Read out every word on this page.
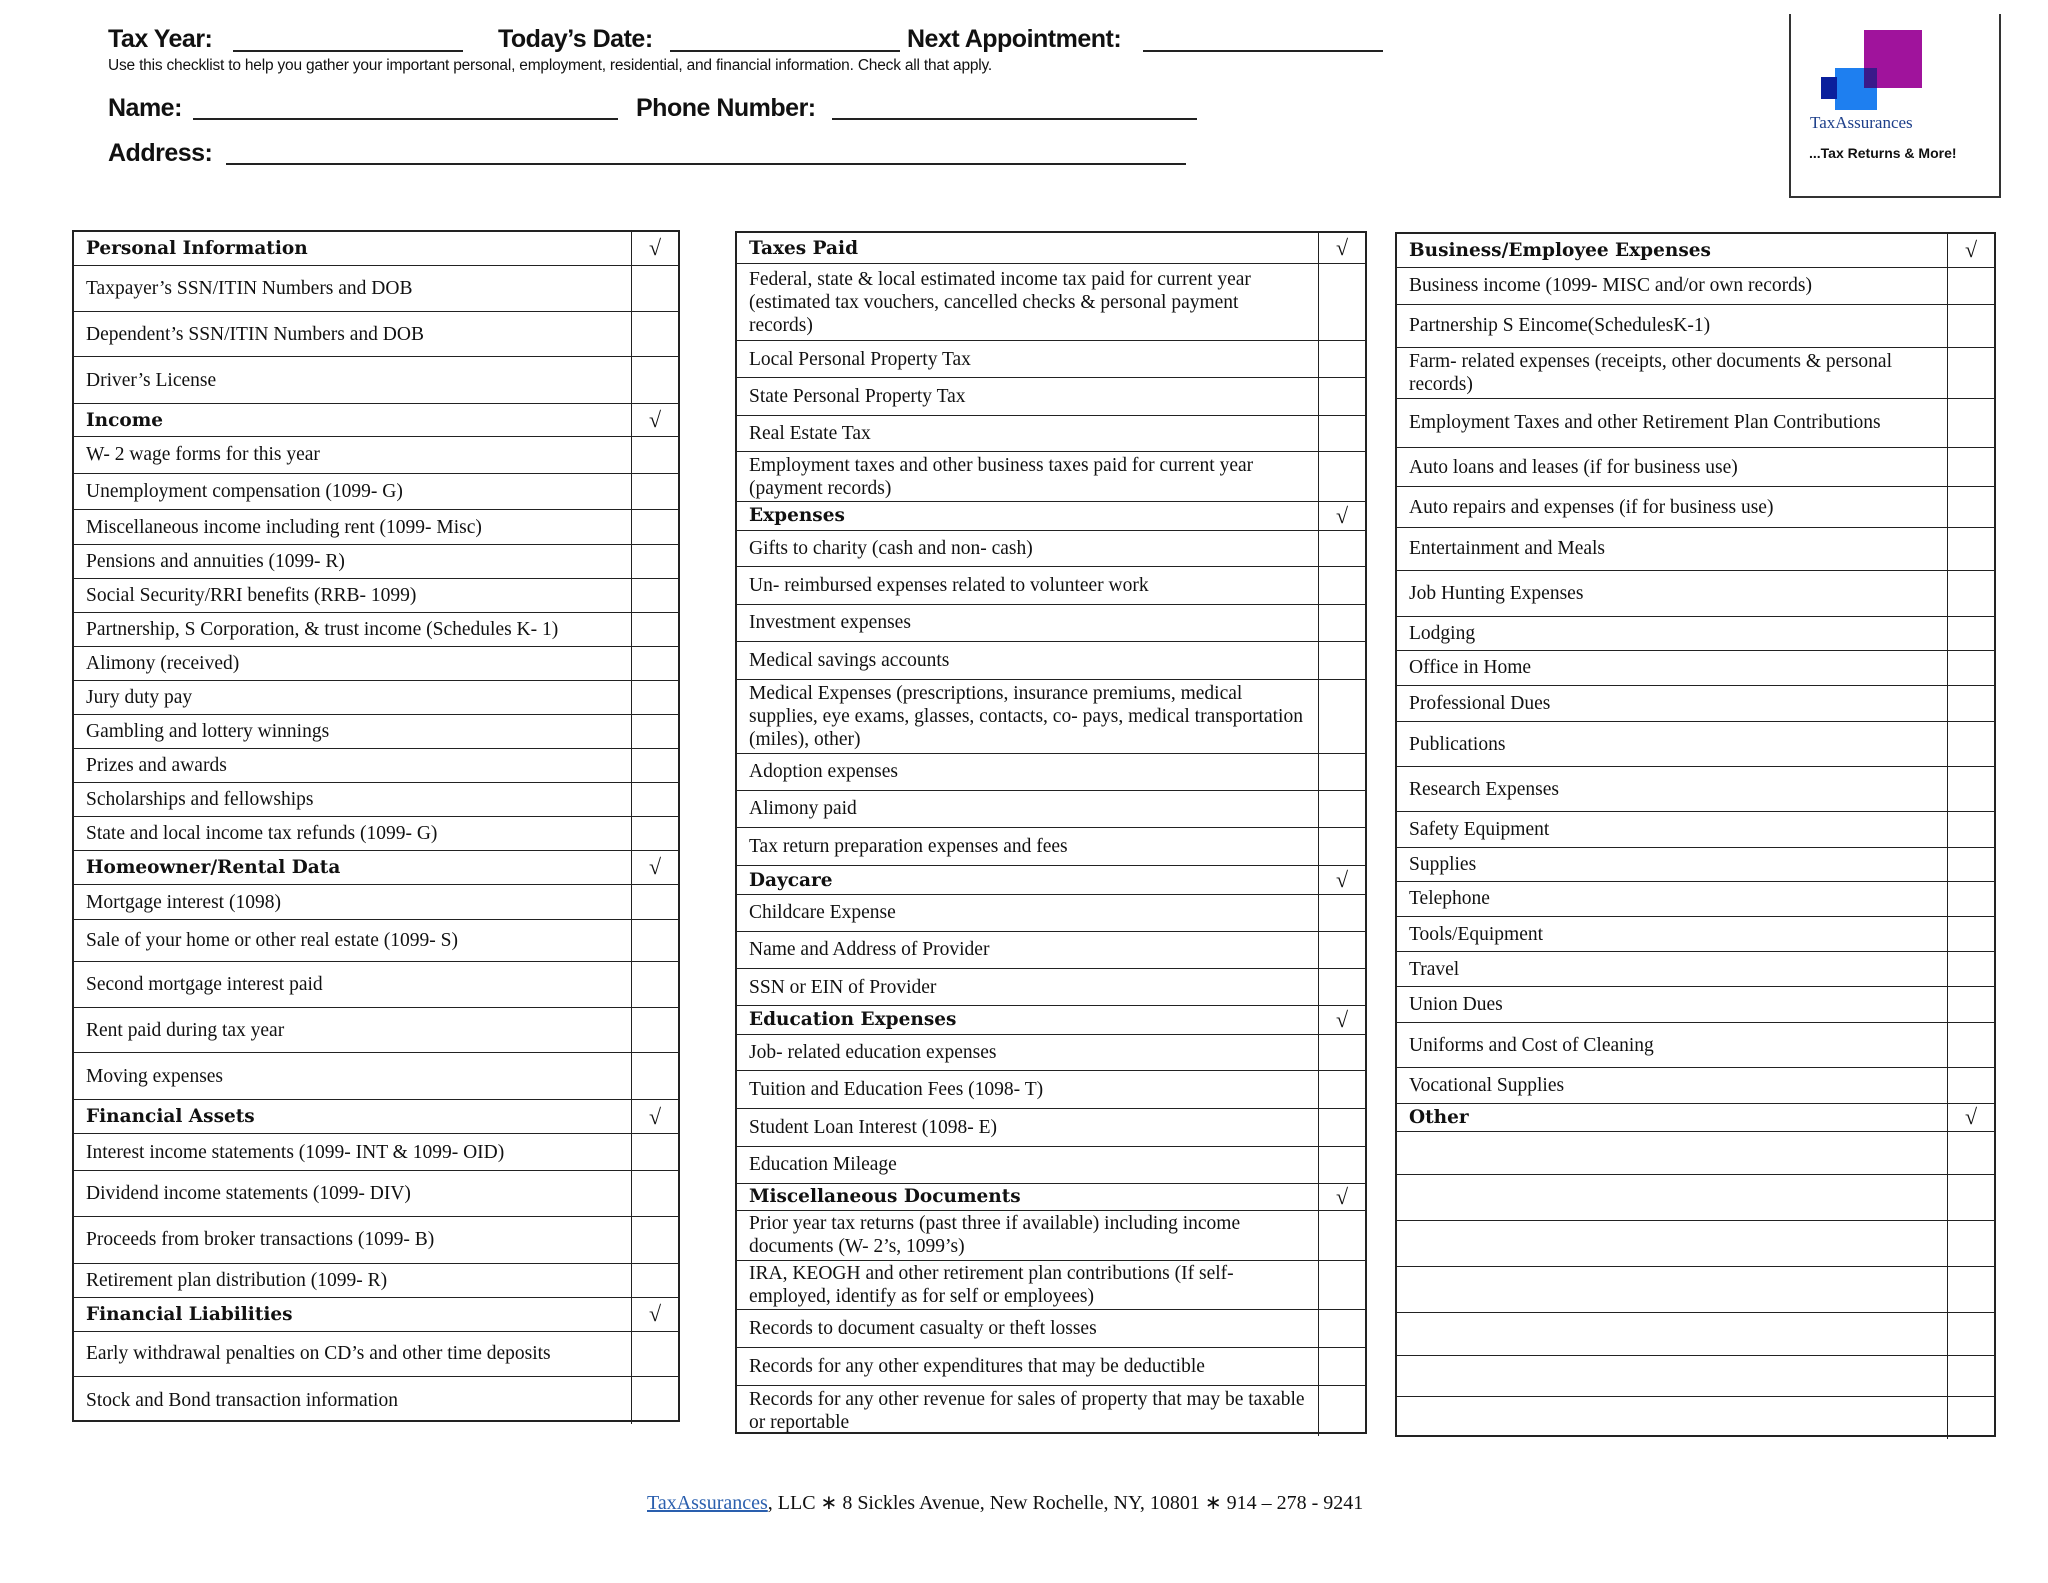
Tax Year:	Today’s Date:	Next Appointment:
Use this checklist to help you gather your important personal, employment, residential, and financial information. Check all that apply.
Name:	Phone Number:
Address:
TaxAssurances
...Tax Returns & More!
Personal Information	√
Taxpayer’s SSN/ITIN Numbers and DOB
Dependent’s SSN/ITIN Numbers and DOB
Driver’s License
Income	√
W- 2 wage forms for this year
Unemployment compensation (1099- G)
Miscellaneous income including rent (1099- Misc)
Pensions and annuities (1099- R)
Social Security/RRI benefits (RRB- 1099)
Partnership, S Corporation, & trust income (Schedules K- 1)
Alimony (received)
Jury duty pay
Gambling and lottery winnings
Prizes and awards
Scholarships and fellowships
State and local income tax refunds (1099- G)
Homeowner/Rental Data	√
Mortgage interest (1098)
Sale of your home or other real estate (1099- S)
Second mortgage interest paid
Rent paid during tax year
Moving expenses
Financial Assets	√
Interest income statements (1099- INT & 1099- OID)
Dividend income statements (1099- DIV)
Proceeds from broker transactions (1099- B)
Retirement plan distribution (1099- R)
Financial Liabilities	√
Early withdrawal penalties on CD’s and other time deposits
Stock and Bond transaction information
Taxes Paid	√
Federal, state & local estimated income tax paid for current year (estimated tax vouchers, cancelled checks & personal payment records)
Local Personal Property Tax
State Personal Property Tax
Real Estate Tax
Employment taxes and other business taxes paid for current year (payment records)
Expenses	√
Gifts to charity (cash and non- cash)
Un- reimbursed expenses related to volunteer work
Investment expenses
Medical savings accounts
Medical Expenses (prescriptions, insurance premiums, medical supplies, eye exams, glasses, contacts, co- pays, medical transportation (miles), other)
Adoption expenses
Alimony paid
Tax return preparation expenses and fees
Daycare	√
Childcare Expense
Name and Address of Provider
SSN or EIN of Provider
Education Expenses	√
Job- related education expenses
Tuition and Education Fees (1098- T)
Student Loan Interest (1098- E)
Education Mileage
Miscellaneous Documents	√
Prior year tax returns (past three if available) including income documents (W- 2’s, 1099’s)
IRA, KEOGH and other retirement plan contributions (If self- employed, identify as for self or employees)
Records to document casualty or theft losses
Records for any other expenditures that may be deductible
Records for any other revenue for sales of property that may be taxable or reportable
Business/Employee Expenses	√
Business income (1099- MISC and/or own records)
Partnership S Eincome(SchedulesK-1)
Farm- related expenses (receipts, other documents & personal records)
Employment Taxes and other Retirement Plan Contributions
Auto loans and leases (if for business use)
Auto repairs and expenses (if for business use)
Entertainment and Meals
Job Hunting Expenses
Lodging
Office in Home
Professional Dues
Publications
Research Expenses
Safety Equipment
Supplies
Telephone
Tools/Equipment
Travel
Union Dues
Uniforms and Cost of Cleaning
Vocational Supplies
Other	√
TaxAssurances, LLC ∗ 8 Sickles Avenue, New Rochelle, NY, 10801 ∗ 914 – 278 - 9241
